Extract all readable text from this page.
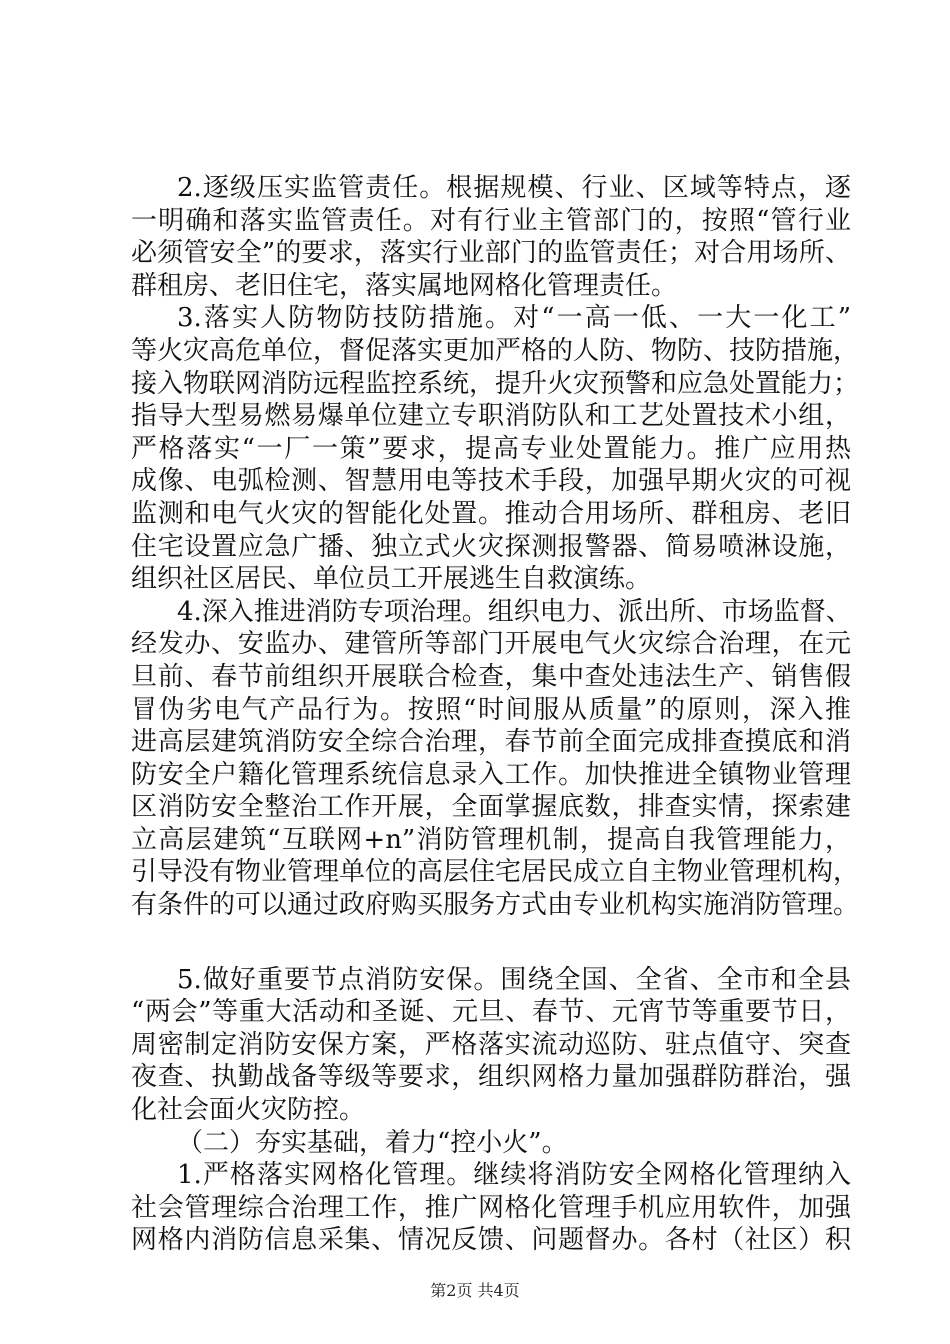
2.逐级压实监管责任。根据规模、行业、区域等特点，逐
一明确和落实监管责任。对有行业主管部门的，按照“管行业
必须管安全”的要求，落实行业部门的监管责任；对合用场所、
群租房、老旧住宅，落实属地网格化管理责任。
3.落实人防物防技防措施。对“一高一低、一大一化工”
等火灾高危单位，督促落实更加严格的人防、物防、技防措施，
接入物联网消防远程监控系统，提升火灾预警和应急处置能力；
指导大型易燃易爆单位建立专职消防队和工艺处置技术小组，
严格落实“一厂一策”要求，提高专业处置能力。推广应用热
成像、电弧检测、智慧用电等技术手段，加强早期火灾的可视
监测和电气火灾的智能化处置。推动合用场所、群租房、老旧
住宅设置应急广播、独立式火灾探测报警器、简易喷淋设施，
组织社区居民、单位员工开展逃生自救演练。
4.深入推进消防专项治理。组织电力、派出所、市场监督、
经发办、安监办、建管所等部门开展电气火灾综合治理，在元
旦前、春节前组织开展联合检查，集中查处违法生产、销售假
冒伪劣电气产品行为。按照“时间服从质量”的原则，深入推
进高层建筑消防安全综合治理，春节前全面完成排查摸底和消
防安全户籍化管理系统信息录入工作。加快推进全镇物业管理
区消防安全整治工作开展，全面掌握底数，排查实情，探索建
立高层建筑“互联网+n”消防管理机制，提高自我管理能力，
引导没有物业管理单位的高层住宅居民成立自主物业管理机构，
有条件的可以通过政府购买服务方式由专业机构实施消防管理。
5.做好重要节点消防安保。围绕全国、全省、全市和全县
“两会”等重大活动和圣诞、元旦、春节、元宵节等重要节日，
周密制定消防安保方案，严格落实流动巡防、驻点值守、突查
夜查、执勤战备等级等要求，组织网格力量加强群防群治，强
化社会面火灾防控。
（二）夯实基础，着力“控小火”。
1.严格落实网格化管理。继续将消防安全网格化管理纳入
社会管理综合治理工作，推广网格化管理手机应用软件，加强
网格内消防信息采集、情况反馈、问题督办。各村（社区）积
第2页 共4页
